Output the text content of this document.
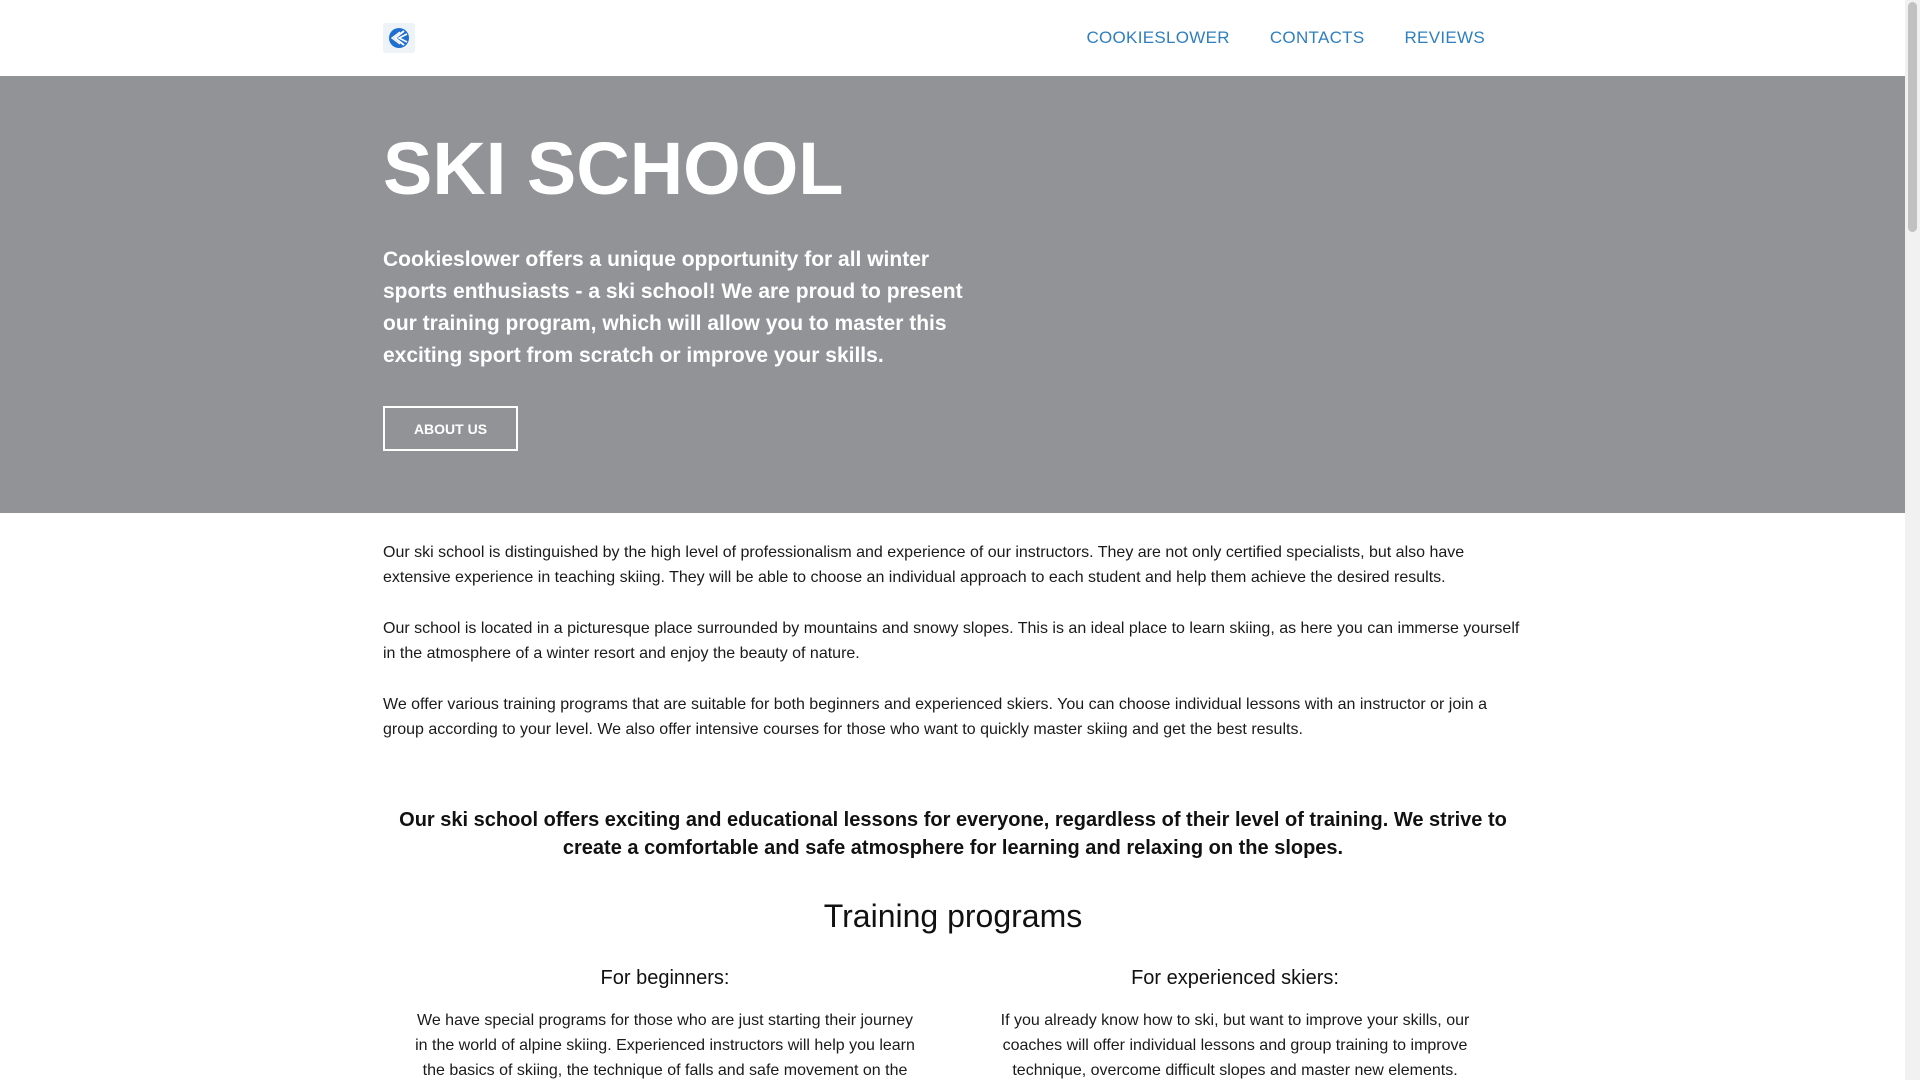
COOKIESLOWER CONTACTS REVIEWS
SKI SCHOOL

Cookieslower offers a unique opportunity for all winter sports enthusiasts - a ski school! We are proud to present our training program, which will allow you to master this exciting sport from scratch or improve your skills.

ABOUT US

Our ski school is distinguished by the high level of professionalism and experience of our instructors. They are not only certified specialists, but also have extensive experience in teaching skiing. They will be able to choose an individual approach to each student and help them achieve the desired results.

Our school is located in a picturesque place surrounded by mountains and snowy slopes. This is an ideal place to learn skiing, as here you can immerse yourself in the atmosphere of a winter resort and enjoy the beauty of nature.

We offer various training programs that are suitable for both beginners and experienced skiers. You can choose individual lessons with an instructor or join a group according to your level. We also offer intensive courses for those who want to quickly master skiing and get the best results.

Our ski school offers exciting and educational lessons for everyone, regardless of their level of training. We strive to create a comfortable and safe atmosphere for learning and relaxing on the slopes.

Training programs
For beginners:

We have special programs for those who are just starting their journey in the world of alpine skiing. Experienced instructors will help you learn the basics of skiing, the technique of falls and safe movement on the

For experienced skiers:

If you already know how to ski, but want to improve your skills, our coaches will offer individual lessons and group training to improve technique, overcome difficult slopes and master new elements.
